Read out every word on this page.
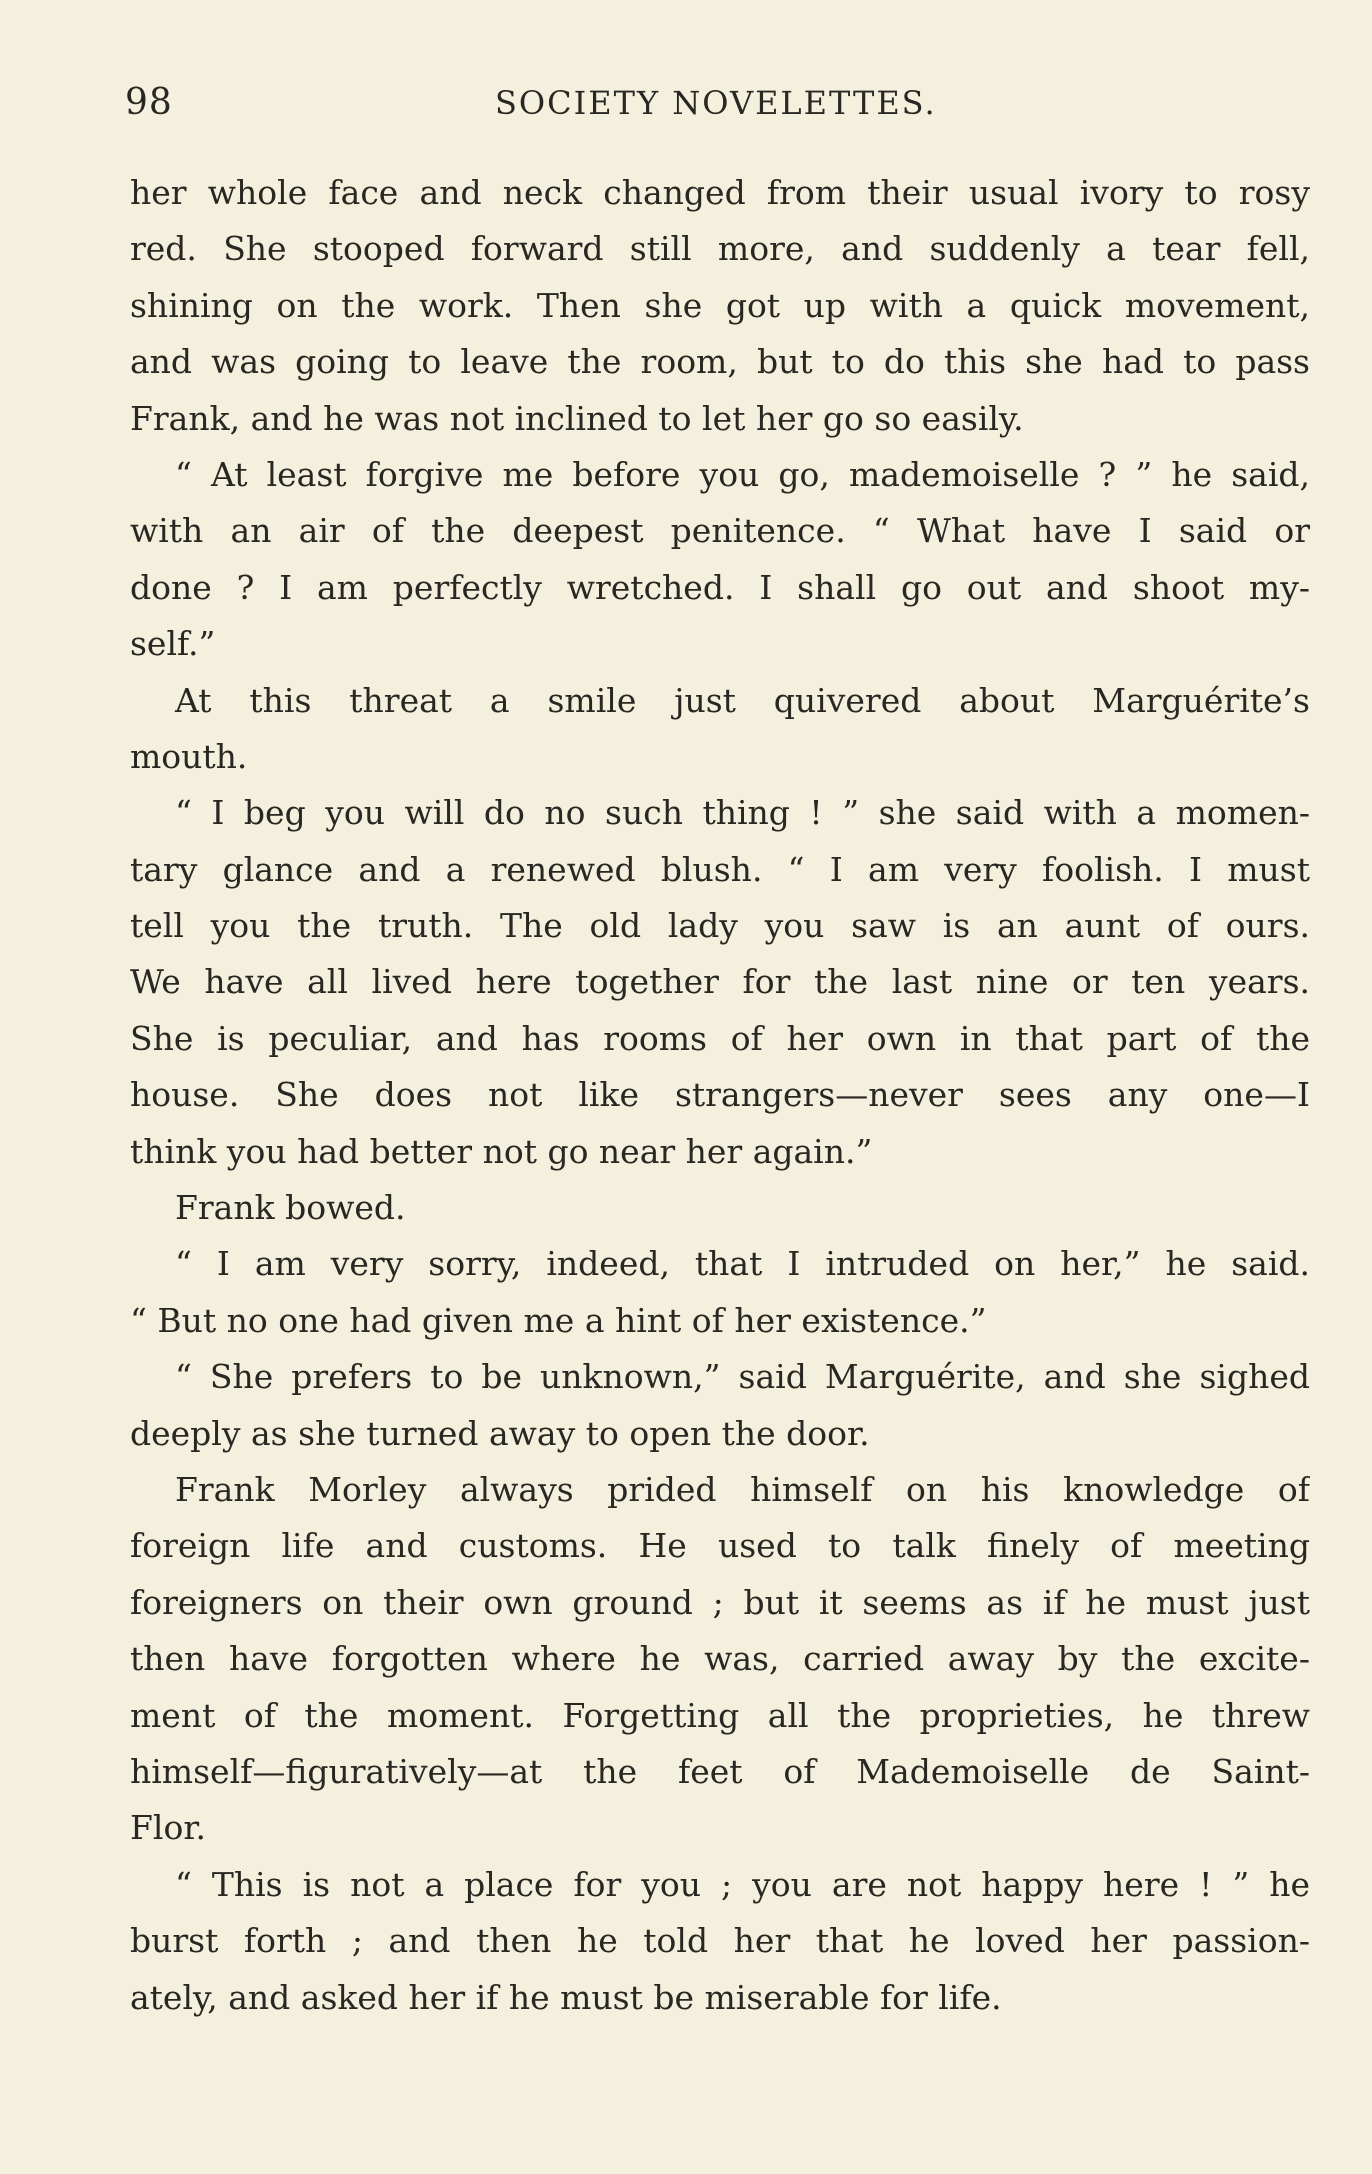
98	SOCIETY NOVELETTES.
her whole face and neck changed from their usual ivory to rosy
red. She stooped forward still more, and suddenly a tear fell,
shining on the work. Then she got up with a quick movement,
and was going to leave the room, but to do this she had to pass
Frank, and he was not inclined to let her go so easily.
“ At least forgive me before you go, mademoiselle ? ” he said,
with an air of the deepest penitence. “ What have I said or
done ? I am perfectly wretched. I shall go out and shoot my-
self.”
At this threat a smile just quivered about Marguérite’s
mouth.
“ I beg you will do no such thing ! ” she said with a momen-
tary glance and a renewed blush. “ I am very foolish. I must
tell you the truth. The old lady you saw is an aunt of ours.
We have all lived here together for the last nine or ten years.
She is peculiar, and has rooms of her own in that part of the
house. She does not like strangers—never sees any one—I
think you had better not go near her again.”
Frank bowed.
“ I am very sorry, indeed, that I intruded on her,” he said.
“ But no one had given me a hint of her existence.”
“ She prefers to be unknown,” said Marguérite, and she sighed
deeply as she turned away to open the door.
Frank Morley always prided himself on his knowledge of
foreign life and customs. He used to talk finely of meeting
foreigners on their own ground ; but it seems as if he must just
then have forgotten where he was, carried away by the excite-
ment of the moment. Forgetting all the proprieties, he threw
himself—figuratively—at the feet of Mademoiselle de Saint-
Flor.
“ This is not a place for you ; you are not happy here ! ” he
burst forth ; and then he told her that he loved her passion-
ately, and asked her if he must be miserable for life.
